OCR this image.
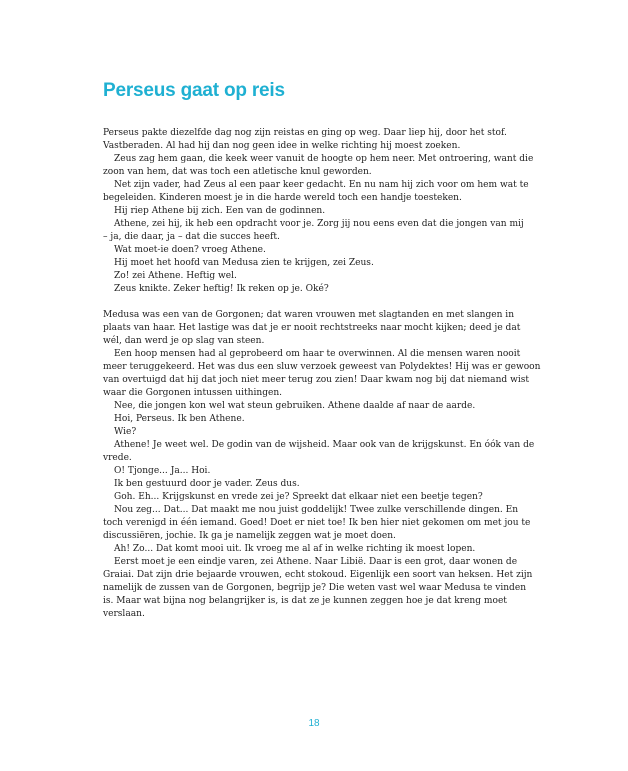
Perseus gaat op reis

Perseus pakte diezelfde dag nog zijn reistas en ging op weg. Daar liep hij, door het stof.
Vastberaden. Al had hij dan nog geen idee in welke richting hij moest zoeken.

Zeus zag hem gaan, die keek weer vanuit de hoogte op hem neer. Met ontroering, want die
zoon van hem, dat was toch een atletische knul geworden.

Net zijn vader, had Zeus al een paar keer gedacht. En nu nam hij zich voor om hem wat te
begeleiden. Kinderen moest je in die harde wereld toch een handje toesteken.

Hij riep Athene bij zich. Een van de godinnen.

Athene, zei hij, ik heb een opdracht voor je. Zorg jij nou eens even dat die jongen van mij
– ja, die daar, ja – dat die succes heeft.

Wat moet-ie doen? vroeg Athene.

Hij moet het hoofd van Medusa zien te krijgen, zei Zeus.

Zo! zei Athene. Heftig wel.

Zeus knikte. Zeker heftig! Ik reken op je. Oké?

Medusa was een van de Gorgonen; dat waren vrouwen met slagtanden en met slangen in
plaats van haar. Het lastige was dat je er nooit rechtstreeks naar mocht kijken; deed je dat
wél, dan werd je op slag van steen.

Een hoop mensen had al geprobeerd om haar te overwinnen. Al die mensen waren nooit
meer teruggekeerd. Het was dus een sluw verzoek geweest van Polydektes! Hij was er gewoon
van overtuigd dat hij dat joch niet meer terug zou zien! Daar kwam nog bij dat niemand wist
waar die Gorgonen intussen uithingen.

Nee, die jongen kon wel wat steun gebruiken. Athene daalde af naar de aarde.

Hoi, Perseus. Ik ben Athene.

Wie?

Athene! Je weet wel. De godin van de wijsheid. Maar ook van de krijgskunst. En óók van de
vrede.

O! Tjonge... Ja... Hoi.

Ik ben gestuurd door je vader. Zeus dus.

Goh. Eh... Krijgskunst en vrede zei je? Spreekt dat elkaar niet een beetje tegen?

Nou zeg... Dat... Dat maakt me nou juist goddelijk! Twee zulke verschillende dingen. En
toch verenigd in één iemand. Goed! Doet er niet toe! Ik ben hier niet gekomen om met jou te
discussiëren, jochie. Ik ga je namelijk zeggen wat je moet doen.

Ah! Zo... Dat komt mooi uit. Ik vroeg me al af in welke richting ik moest lopen.

Eerst moet je een eindje varen, zei Athene. Naar Libië. Daar is een grot, daar wonen de
Graiai. Dat zijn drie bejaarde vrouwen, echt stokoud. Eigenlijk een soort van heksen. Het zijn
namelijk de zussen van de Gorgonen, begrijp je? Die weten vast wel waar Medusa te vinden
is. Maar wat bijna nog belangrijker is, is dat ze je kunnen zeggen hoe je dat kreng moet
verslaan.

18
